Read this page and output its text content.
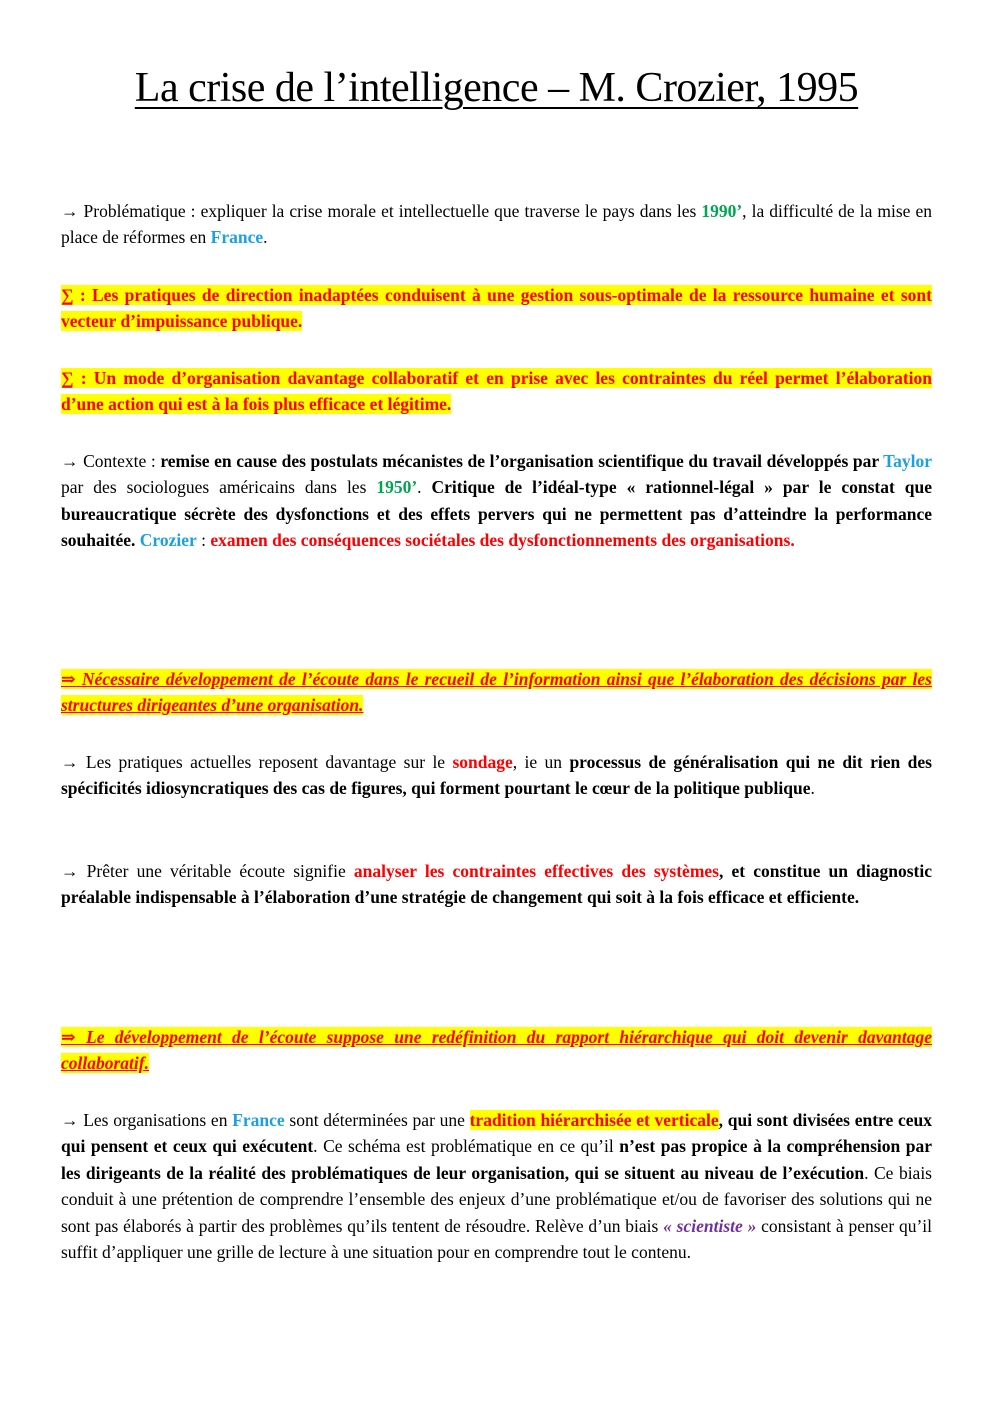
La crise de l’intelligence – M. Crozier, 1995

→ Problématique : expliquer la crise morale et intellectuelle que traverse le pays dans les 1990’, la difficulté de la mise en place de réformes en France.

∑ : Les pratiques de direction inadaptées conduisent à une gestion sous-optimale de la ressource humaine et sont vecteur d’impuissance publique.

∑ : Un mode d’organisation davantage collaboratif et en prise avec les contraintes du réel permet l’élaboration d’une action qui est à la fois plus efficace et légitime.

→ Contexte : remise en cause des postulats mécanistes de l’organisation scientifique du travail développés par Taylor par des sociologues américains dans les 1950’. Critique de l’idéal-type « rationnel-légal » par le constat que bureaucratique sécrète des dysfonctions et des effets pervers qui ne permettent pas d’atteindre la performance souhaitée. Crozier : examen des conséquences sociétales des dysfonctionnements des organisations.

⇒ Nécessaire développement de l’écoute dans le recueil de l’information ainsi que l’élaboration des décisions par les structures dirigeantes d’une organisation.

→ Les pratiques actuelles reposent davantage sur le sondage, ie un processus de généralisation qui ne dit rien des spécificités idiosyncratiques des cas de figures, qui forment pourtant le cœur de la politique publique.

→ Prêter une véritable écoute signifie analyser les contraintes effectives des systèmes, et constitue un diagnostic préalable indispensable à l’élaboration d’une stratégie de changement qui soit à la fois efficace et efficiente.

⇒ Le développement de l’écoute suppose une redéfinition du rapport hiérarchique qui doit devenir davantage collaboratif.

→ Les organisations en France sont déterminées par une tradition hiérarchisée et verticale, qui sont divisées entre ceux qui pensent et ceux qui exécutent. Ce schéma est problématique en ce qu’il n’est pas propice à la compréhension par les dirigeants de la réalité des problématiques de leur organisation, qui se situent au niveau de l’exécution. Ce biais conduit à une prétention de comprendre l’ensemble des enjeux d’une problématique et/ou de favoriser des solutions qui ne sont pas élaborés à partir des problèmes qu’ils tentent de résoudre. Relève d’un biais « scientiste » consistant à penser qu’il suffit d’appliquer une grille de lecture à une situation pour en comprendre tout le contenu.
